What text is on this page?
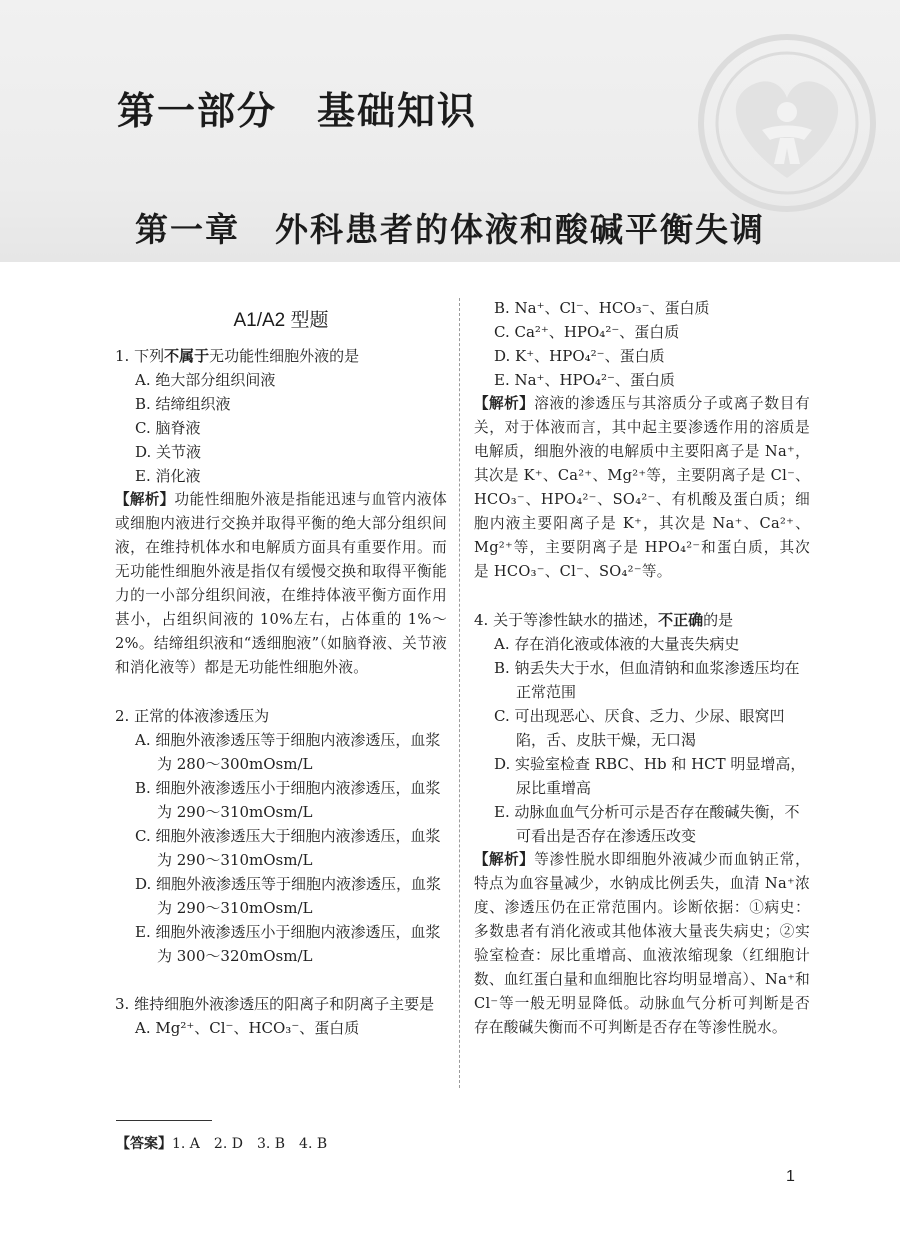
第一部分　基础知识
第一章　外科患者的体液和酸碱平衡失调
A1/A2 型题
1. 下列不属于无功能性细胞外液的是
A. 绝大部分组织间液
B. 结缔组织液
C. 脑脊液
D. 关节液
E. 消化液
【解析】功能性细胞外液是指能迅速与血管内液体或细胞内液进行交换并取得平衡的绝大部分组织间液，在维持机体水和电解质方面具有重要作用。而无功能性细胞外液是指仅有缓慢交换和取得平衡能力的一小部分组织间液，在维持体液平衡方面作用甚小，占组织间液的 10%左右，占体重的 1%～2%。结缔组织液和“透细胞液”（如脑脊液、关节液和消化液等）都是无功能性细胞外液。
2. 正常的体液渗透压为
A. 细胞外液渗透压等于细胞内液渗透压，血浆为 280～300mOsm/L
B. 细胞外液渗透压小于细胞内液渗透压，血浆为 290～310mOsm/L
C. 细胞外液渗透压大于细胞内液渗透压，血浆为 290～310mOsm/L
D. 细胞外液渗透压等于细胞内液渗透压，血浆为 290～310mOsm/L
E. 细胞外液渗透压小于细胞内液渗透压，血浆为 300～320mOsm/L
3. 维持细胞外液渗透压的阳离子和阴离子主要是
A. Mg²⁺、Cl⁻、HCO₃⁻、蛋白质
B. Na⁺、Cl⁻、HCO₃⁻、蛋白质
C. Ca²⁺、HPO₄²⁻、蛋白质
D. K⁺、HPO₄²⁻、蛋白质
E. Na⁺、HPO₄²⁻、蛋白质
【解析】溶液的渗透压与其溶质分子或离子数目有关，对于体液而言，其中起主要渗透作用的溶质是电解质，细胞外液的电解质中主要阳离子是 Na⁺，其次是 K⁺、Ca²⁺、Mg²⁺等，主要阴离子是 Cl⁻、HCO₃⁻、HPO₄²⁻、SO₄²⁻、有机酸及蛋白质；细胞内液主要阳离子是 K⁺，其次是 Na⁺、Ca²⁺、Mg²⁺等，主要阴离子是 HPO₄²⁻和蛋白质，其次是 HCO₃⁻、Cl⁻、SO₄²⁻等。
4. 关于等渗性缺水的描述，不正确的是
A. 存在消化液或体液的大量丧失病史
B. 钠丢失大于水，但血清钠和血浆渗透压均在正常范围
C. 可出现恶心、厌食、乏力、少尿、眼窝凹陷，舌、皮肤干燥，无口渴
D. 实验室检查 RBC、Hb 和 HCT 明显增高，尿比重增高
E. 动脉血血气分析可示是否存在酸碱失衡，不可看出是否存在渗透压改变
【解析】等渗性脱水即细胞外液减少而血钠正常，特点为血容量减少，水钠成比例丢失，血清 Na⁺浓度、渗透压仍在正常范围内。诊断依据：①病史：多数患者有消化液或其他体液大量丧失病史；②实验室检查：尿比重增高、血液浓缩现象（红细胞计数、血红蛋白量和血细胞比容均明显增高）、Na⁺和 Cl⁻等一般无明显降低。动脉血气分析可判断是否存在酸碱失衡而不可判断是否存在等渗性脱水。
【答案】1. A　2. D　3. B　4. B
1
